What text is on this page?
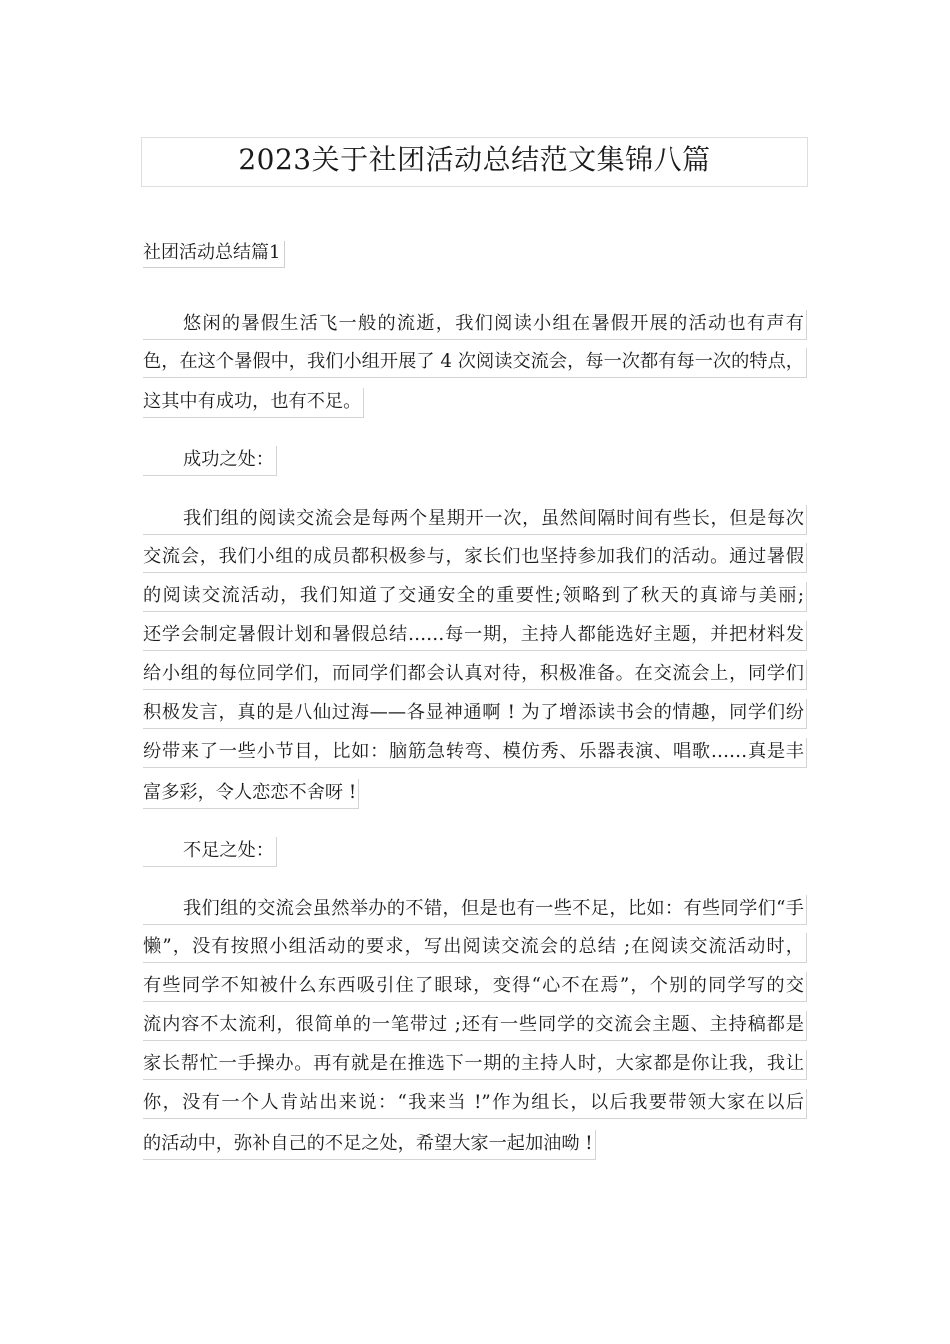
2023关于社团活动总结范文集锦八篇
社团活动总结篇1
悠闲的暑假生活飞一般的流逝，我们阅读小组在暑假开展的活动也有声有
色，在这个暑假中，我们小组开展了 4 次阅读交流会，每一次都有每一次的特点，
这其中有成功，也有不足。
成功之处：
我们组的阅读交流会是每两个星期开一次，虽然间隔时间有些长，但是每次
交流会，我们小组的成员都积极参与，家长们也坚持参加我们的活动。通过暑假
的阅读交流活动，我们知道了交通安全的重要性;领略到了秋天的真谛与美丽;
还学会制定暑假计划和暑假总结……每一期，主持人都能选好主题，并把材料发
给小组的每位同学们，而同学们都会认真对待，积极准备。在交流会上，同学们
积极发言，真的是八仙过海——各显神通啊 ! 为了增添读书会的情趣，同学们纷
纷带来了一些小节目，比如：脑筋急转弯、模仿秀、乐器表演、唱歌……真是丰
富多彩，令人恋恋不舍呀 !
不足之处：
我们组的交流会虽然举办的不错，但是也有一些不足，比如：有些同学们“手
懒”，没有按照小组活动的要求，写出阅读交流会的总结 ;在阅读交流活动时，
有些同学不知被什么东西吸引住了眼球，变得“心不在焉”，个别的同学写的交
流内容不太流利，很简单的一笔带过 ;还有一些同学的交流会主题、主持稿都是
家长帮忙一手操办。再有就是在推选下一期的主持人时，大家都是你让我，我让
你，没有一个人肯站出来说：“我来当 !”作为组长，以后我要带领大家在以后
的活动中，弥补自己的不足之处，希望大家一起加油呦 !
